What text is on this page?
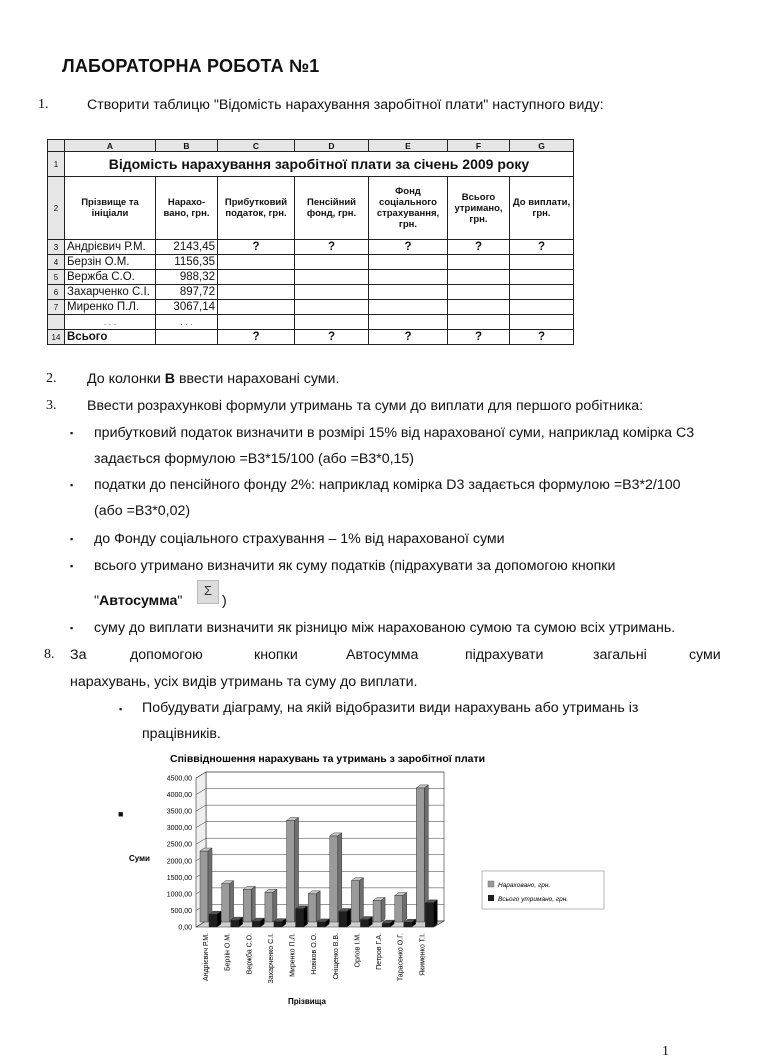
ЛАБОРАТОРНА РОБОТА №1
1.	Створити таблицю "Відомість нарахування заробітної плати" наступного виду:
	A	B	C	D	E	F	G
1	Відомість нарахування заробітної плати за січень 2009 року						
2	Прізвище та ініціали	Нарахо-вано, грн.	Прибутковий податок, грн.	Пенсійний фонд, грн.	Фонд соціального страхування, грн.	Всього утримано, грн.	До виплати, грн.
3	Андрієвич Р.М.	2143,45	?	?	?	?	?
4	Берзін О.М.	1156,35					
5	Вержба С.О.	988,32					
6	Захарченко С.І.	897,72					
7	Миренко П.Л.	3067,14					
	. . .	. . .					
14	Всього		?	?	?	?	?
2. До колонки B ввести нараховані суми.
3. Ввести розрахункові формули утримань та суми до виплати для першого робітника:
▪ прибутковий податок визначити в розмірі 15% від нарахованої суми, наприклад комірка С3
задається формулою =В3*15/100 (або =В3*0,15)
▪ податки до пенсійного фонду 2%: наприклад комірка D3 задається формулою =В3*2/100
(або =В3*0,02)
▪ до Фонду соціального страхування – 1% від нарахованої суми
▪ всього утримано визначити як суму податків (підрахувати за допомогою кнопки
"Автосумма"
Σ
)
▪ суму до виплати визначити як різницю між нарахованою сумою та сумою всіх утримань.
8. За	допомогою	кнопки	Автосумма	підрахувати	загальні	суми
нарахувань, усіх видів утримань та суму до виплати.
▪ Побудувати діаграму, на якій відобразити види нарахувань або утримань із
працівників.
■
Співвідношення нарахувань та утримань з заробітної плати
Суми
Прізвища
0,00
500,00
1000,00
1500,00
2000,00
2500,00
3000,00
3500,00
4000,00
4500,00
Андрієвич Р.М. Берзін О.М. Вержба С.О. Захарченко С.І. Миренко П.Л. Новіков О.О. Оніщенко В.В. Орлов І.М. Петров Г.А. Тарасенко О.Г. Якименко Т.І.
Нараховано, грн.
Всього утримано, грн.
1
